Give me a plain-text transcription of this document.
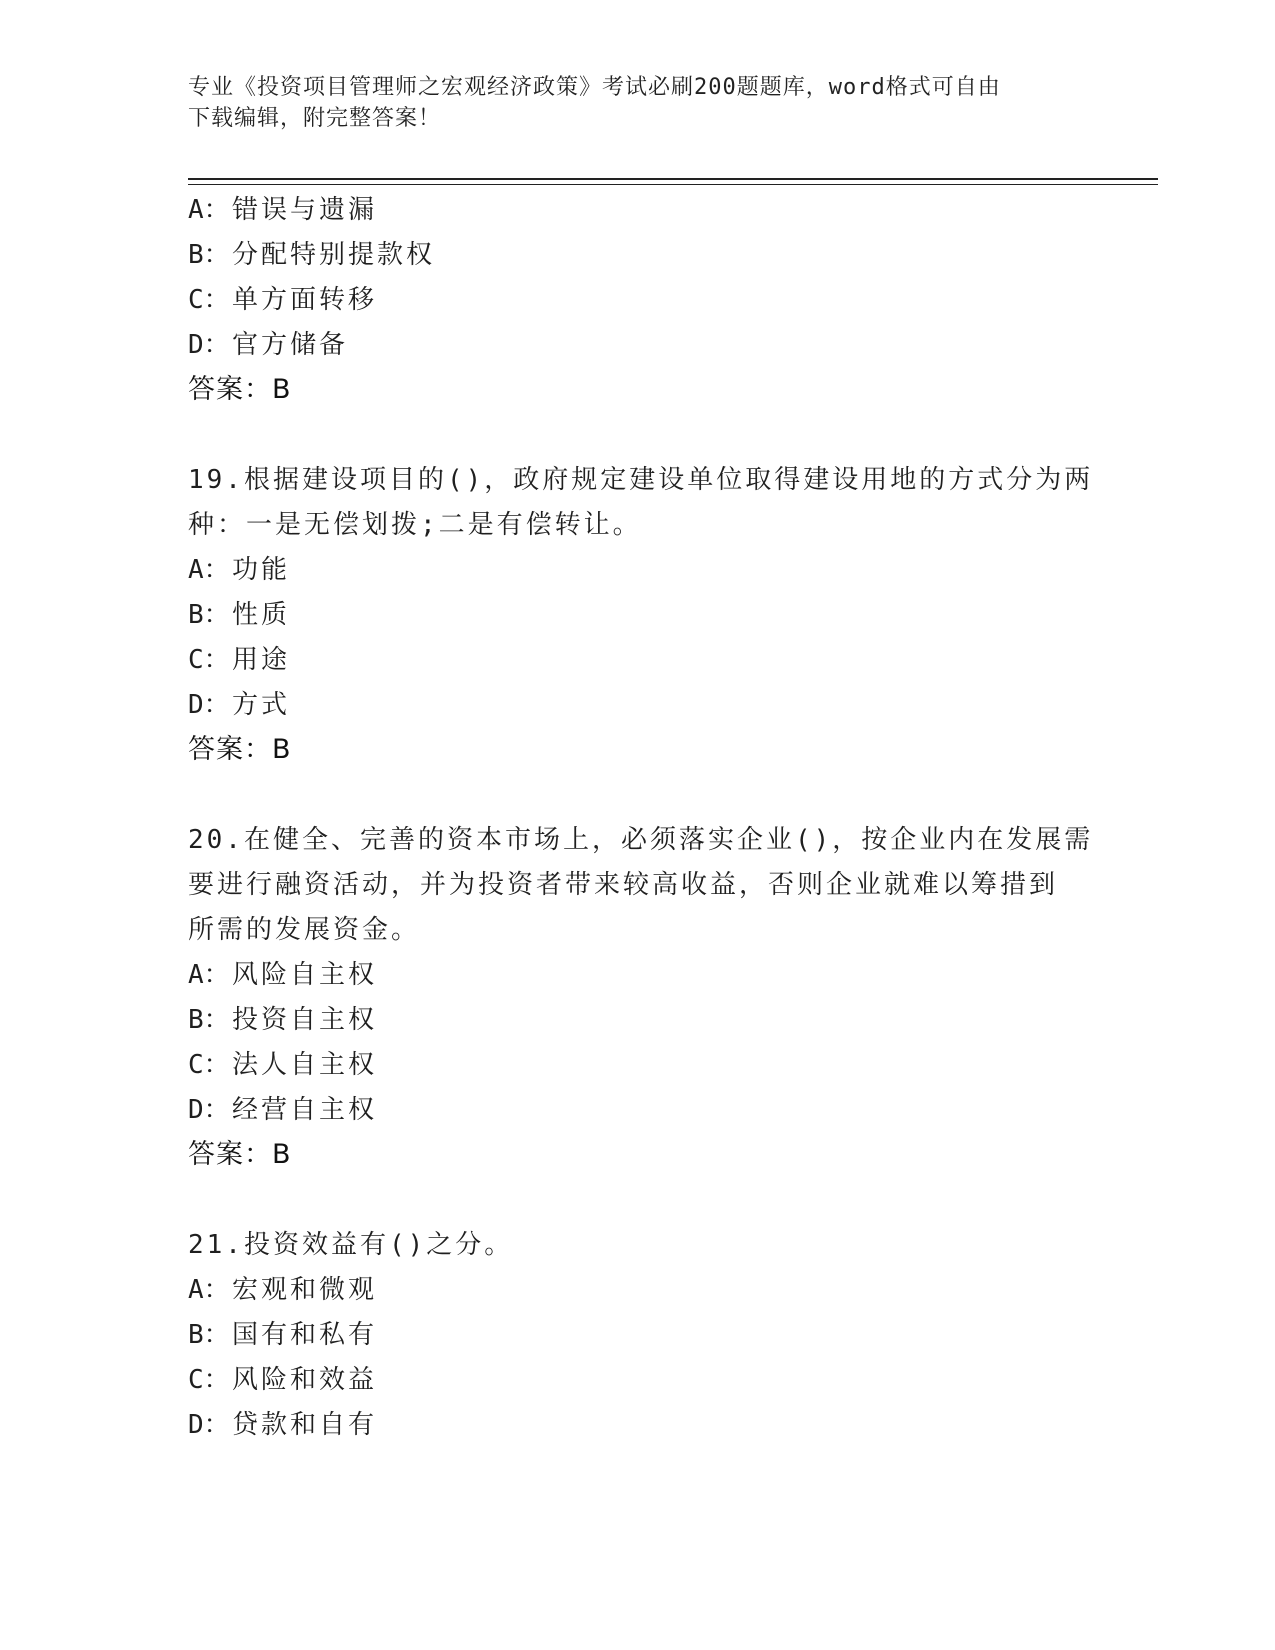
专业《投资项目管理师之宏观经济政策》考试必刷200题题库，word格式可自由
下载编辑，附完整答案！
A：错误与遗漏
B：分配特别提款权
C：单方面转移
D：官方储备
答案：B
19.根据建设项目的()，政府规定建设单位取得建设用地的方式分为两
种：一是无偿划拨;二是有偿转让。
A：功能
B：性质
C：用途
D：方式
答案：B
20.在健全、完善的资本市场上，必须落实企业()，按企业内在发展需
要进行融资活动，并为投资者带来较高收益，否则企业就难以筹措到
所需的发展资金。
A：风险自主权
B：投资自主权
C：法人自主权
D：经营自主权
答案：B
21.投资效益有()之分。
A：宏观和微观
B：国有和私有
C：风险和效益
D：贷款和自有
